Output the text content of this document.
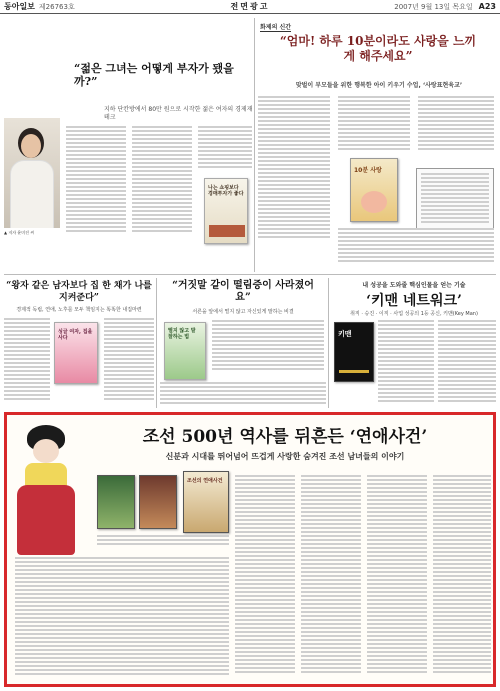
동아일보 제26763호	전면광고	2007년 9월 13일 목요일 A23
“젊은 그녀는 어떻게 부자가 됐을까?”
지하 단칸방에서 80만 원으로 시작한 젊은 여자의 경제재테크
▲ 저자 윤미진 씨
나는 쇼핑보다 경매투자가 좋다
화제의 신간
“엄마! 하루 10분이라도 사랑을 느끼게 해주세요”
맞벌이 부모들을 위한 행복한 아이 키우기 수업, ‘사랑표현육교’
10분 사랑
“왕자 같은 남자보다 집 한 채가 나를 지켜준다”
경제적 독립, 연애, 노후를 모두 책임지는 똑똑한 내집마련
싱글 여자, 집을 사다
“거짓말 같이 떨림증이 사라졌어요”
서른을 앞에서 떨지 않고 자신있게 말하는 비결
떨지 않고 말 잘하는 법
내 성공을 도와줄 핵심인물을 얻는 기술
‘키맨 네트워크’
취직 · 승진 · 이직 · 사업 성공의 1등 공신, 키맨(Key Man)
키맨
조선 500년 역사를 뒤흔든 ‘연애사건’
신분과 시대를 뛰어넘어 뜨겁게 사랑한 숨겨진 조선 남녀들의 이야기
조선의 연애사건
